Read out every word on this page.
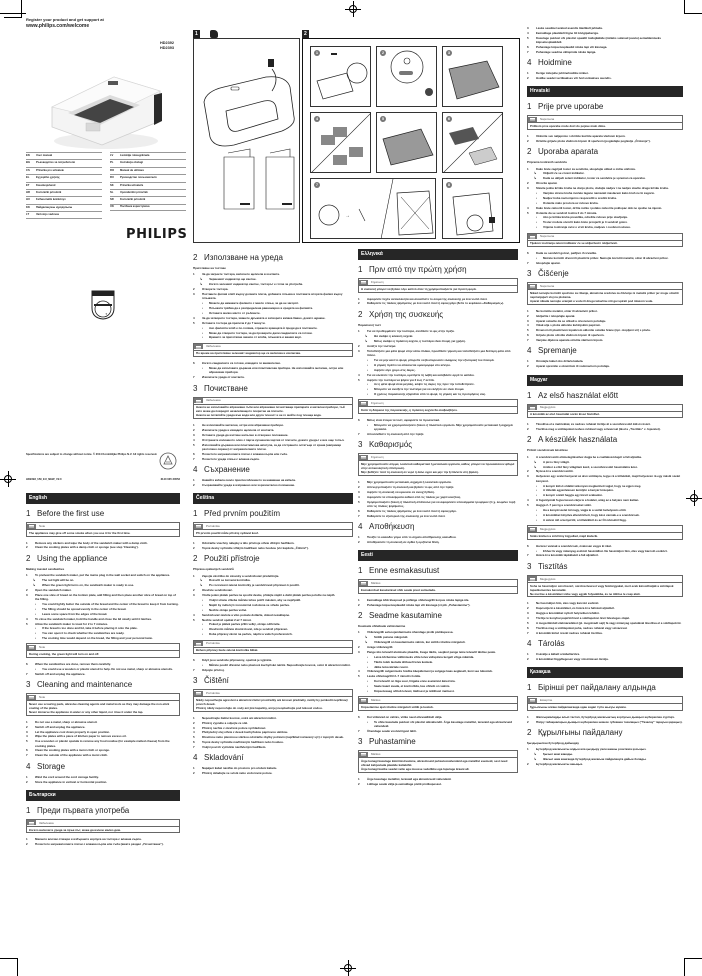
Register your product and get support at
www.philips.com/welcome
HD2392
HD2393
EN	User manual
BG	Ръководство за потребителя
CS	Příručka pro uživatele
EL	Εγχειρίδιο χρήσης
ET	Kasutusjuhend
HR	Korisnički priručnik
HU	Felhasználói kézikönyv
KK	Пайдаланушы нұсқаулығы
LT	Vartotojo vadovas
LV	Lietotāja rokasgrāmata
PL	Instrukcja obsługi
RO	Manual de utilizare
RU	Руководство пользователя
SK	Príručka užívateľa
SL	Uporabniški priročnik
SR	Korisnički priručnik
UK	Посібник користувача
PHILIPS
✦
✦
Specifications are subject to change without notice. © 2014 Koninklijke Philips N.V. All rights reserved.
HD2393_UM_EU_NEW_V2.0	3140 035 33552
English
1 Before the first use
Note
The appliance may give off some smoke when you use it for the first time.
1	Remove any stickers and wipe the body of the sandwich maker with a damp cloth.
2	Clean the cooking plates with a damp cloth or sponge (see step 'Cleaning').
2 Using the appliance
Making toasted sandwiches
1	To preheat the sandwich maker, put the mains plug in the wall socket and switch on the appliance.
↳	The red light will be on.
↳	When the green light turns on, the sandwich maker is ready to use.
2	Open the sandwich maker.
3	Place one slice of bread on the bottom plate, add filling and then place another slice of bread on top of the filling.
•	You could lightly butter the outside of the bread and the center of the bread to keep it from burning.
•	The filling should be spread evenly in the center of the bread.
•	Leave some space from the edges of the bread.
4	To close the sandwich maker, hold the handle and close the lid slowly until it latches.
5	Allow the sandwich maker to toast for 2 to 7 minutes.
•	If the bread is too done and lid, take it before placing it onto the plate.
•	You can open it to check whether the sandwiches are ready.
•	The cooking time would depend on the bread, the filling and your personal taste.
Note
During cooking, the green light will turn on and off.
6	When the sandwiches are done, remove them carefully.
•	You could use a wooden or plastic utensil to help. Do not use metal, sharp or abrasive utensils.
7	Switch off and unplug the appliance.
3 Cleaning and maintenance
Note
Never use scouring pads, abrasive cleaning agents and metal tools as they may damage the non-stick coating of the plates.
Never immerse the appliance in water or any other liquid, nor rinse it under the tap.
1	Do not use a metal, sharp or abrasive utensil.
2	Switch off and unplug the appliance.
3	Let the appliance cool down properly in open position.
4	Wipe the plates with a piece of kitchen paper to remove excess oil.
5	Use a wooden or plastic spatula to remove any food residue (for example melted cheese) from the cooking plates.
6	Clean the cooking plates with a moist cloth or sponge.
7	Clean the outside of the appliance with a moist cloth.
4 Storage
1	Wind the cord around the cord storage facility.
2	Store the appliance in vertical or horizontal position.
Български
1 Преди първата употреба
Забележка
Когато включите уреда за пръв път, може да излезе малко дим.
1	Махнете всички стикери и избършете корпуса на тостера с влажна кърпа.
2	Почистете нагревателните плочи с влажна кърпа или гъба (вижте раздел „Почистване“).
1	2
1	2	3
4	5	6
7
→
8
2 Използване на уреда
Приготвяне на тостове
1	За да загреете тостера, включете щепсела в контакта.
↳	Червеният индикатор ще светне.
↳	Когато зеленият индикатор светне, тостерът е готов за употреба.
2	Отворете тостера.
3	Поставете филия хляб върху долната плоча, добавете плънка и поставете втората филия върху плънката.
•	Можете да намажете филиите с масло отвън, за да не загорят.
•	Плънката трябва да е разпределена равномерно в средата на филията.
•	Оставете малко място от ръбовете.
4	За да затворите тостера, хванете дръжката и затворете капака бавно, докато щракне.
5	Оставете тостера да препича 2 до 7 минути.
•	Ако филията хляб е по-голяма, отрежете краищата ѝ преди да я поставите.
•	Може да отворите тостера, за да проверите дали сандвичите са готови.
•	Времето за приготвяне зависи от хляба, плънката и вашия вкус.
Забележка
По време на приготвяне зеленият индикатор ще се включва и изключва.
6	Когато сандвичите са готови, извадете ги внимателно.
•	Може да използвате дървена или пластмасова прибори. Не използвайте метални, остри или абразивни прибори.
7	Изключете уреда от контакта.
3 Почистване
Забележка
Никога не използвайте абразивни гъби или абразивни почистващи препарати и метални прибори, тъй като може да повредят незалепващото покритие на плочите.
Никога не потапяйте уреда във вода или друга течност и не го мийте под течаща вода.
1	Не използвайте метални, остри или абразивни прибори.
2	Изключете уреда и извадете щепсела от контакта.
3	Оставете уреда да изстине напълно в отворено положение.
4	Отстранете излишното олио с парче кухненска хартия от плочите, докато уредът е все още топъл.
5	Използвайте дървена или пластмасова шпатула, за да отстраните остатъци от храна (например разтопено сирене) от нагревателните плочи.
6	Почистете нагревателните плочи с влажна кърпа или гъба.
7	Почистете уреда отвън с влажна кърпа.
4 Съхранение
1	Навийте кабела около приспособлението за навиване на кабела.
2	Съхранявайте уреда в изправено или хоризонтално положение.
Čeština
1 Před prvním použitím
Poznámka
Při prvním použití může přístroj vydávat kouř.
1	Odstraňte všechny nálepky a tělo přístroje otřete vlhkým hadříkem.
2	Topné desky vyčistěte vlhkým hadříkem nebo houbou (viz kapitola „Čištění“).
2 Použití přístroje
Příprava opékaných sendvičů
1	Zapojte zástrčku do zásuvky a sendvičovač předehřejte.
↳	Rozsvítí se červená kontrolka.
↳	Po rozsvícení zelené kontrolky je sendvičovač připraven k použití.
2	Otevřete sendvičovač.
3	Vložte jeden plátek pečiva na spodní desku, přidejte náplň a další plátek pečiva položte na náplň.
•	Vnější stranu chleba můžete lehce potřít máslem, aby se nepřipálil.
•	Náplň by měla být rovnoměrně rozložena ve středu pečiva.
•	Nechte okraje pečiva volné.
4	Sendvičovač zavřete a víko pomalu dotlačte, dokud nezaklapne.
5	Nechte sendvič opékat 2 až 7 minut.
•	Pokud je plátek pečiva příliš velký, okraje odřízněte.
•	Otevřením můžete zkontrolovat, zda je sendvič připraven.
•	Doba přípravy závisí na pečivu, náplni a vašich preferencích.
Poznámka
Během přípravy bude zelená kontrolka blikat.
6	Když jsou sendviče připraveny, opatrně je vyjměte.
•	Můžete použít dřevěné nebo plastové kuchyňské náčiní. Nepoužívejte kovové, ostré či abrazivní náčiní.
7	Odpojte přístroj.
3 Čištění
Poznámka
Nikdy nepoužívejte agresivní a abrazivní čisticí prostředky ani kovové předměty, mohly by poškodit nepřilnavý povrch desek.
Přístroj nikdy neponořujte do vody ani jiné kapaliny, ani jej neoplachujte pod tekoucí vodou.
1	Nepoužívejte žádné kovové, ostré ani abrazivní náčiní.
2	Přístroj vypněte a odpojte ze sítě.
3	Přístroj nechte v otevřené poloze vychladnout.
4	Přebytečný olej otřete z desek kuchyňskou papírovou utěrkou.
5	Dřevěnou nebo plastovou stěrkou odstraňte zbytky potravin (například roztavený sýr) z topných desek.
6	Topné desky vyčistěte navlhčeným hadříkem nebo houbou.
7	Vnější povrch vyčistěte navlhčeným hadříkem.
4 Skladování
1	Napájecí kabel naviňte do prostoru pro uložení kabelu.
2	Přístroj skladujte ve svislé nebo vodorovné poloze.
Ελληνικά
1 Πριν από την πρώτη χρήση
Σημείωση
Η συσκευή μπορεί να βγάλει λίγο καπνό όταν τη χρησιμοποιήσετε για πρώτη φορά.
1	Αφαιρέστε τυχόν αυτοκόλλητα και σκουπίστε το σώμα της συσκευής με ένα νωπό πανί.
2	Καθαρίστε τις πλάκες ψησίματος με ένα νωπό πανί ή σφουγγάρι (δείτε το κεφάλαιο «Καθαρισμός»).
2 Χρήση της συσκευής
Παρασκευή τοστ
1	Για να προθερμάνετε την τοστιέρα, συνδέστε το φις στην πρίζα.
↳	Θα ανάψει η κόκκινη λυχνία.
↳	Μόλις ανάψει η πράσινη λυχνία, η τοστιέρα είναι έτοιμη για χρήση.
2	Ανοίξτε την τοστιέρα.
3	Τοποθετήστε μια φέτα ψωμί στην κάτω πλάκα, προσθέστε γέμιση και τοποθετήστε μια δεύτερη φέτα από πάνω.
•	Για να μην καεί το ψωμί, μπορείτε να βουτυρώσετε ελαφρώς την εξωτερική του πλευρά.
•	Η γέμιση πρέπει να απλώνεται ομοιόμορφα στο κέντρο.
•	Αφήστε λίγο χώρο στις άκρες.
4	Για να κλείσετε την τοστιέρα, κρατήστε τη λαβή και κατεβάστε αργά το καπάκι.
5	Αφήστε την τοστιέρα να ψήσει για 2 έως 7 λεπτά.
•	Αν η φέτα ψωμί είναι μεγάλη, κόψτε τις άκρες της πριν την τοποθετήσετε.
•	Μπορείτε να ανοίξετε την τοστιέρα για να ελέγξετε αν είναι έτοιμα.
•	Ο χρόνος παρασκευής εξαρτάται από το ψωμί, τη γέμιση και τις προτιμήσεις σας.
Σημείωση
Κατά τη διάρκεια της παρασκευής, η πράσινη λυχνία θα αναβοσβήνει.
6	Μόλις είναι έτοιμα τα τοστ, αφαιρέστε τα προσεκτικά.
•	Μπορείτε να χρησιμοποιήσετε ξύλινο ή πλαστικό εργαλείο. Μην χρησιμοποιείτε μεταλλικά ή αιχμηρά εργαλεία.
7	Αποσυνδέστε τη συσκευή από την πρίζα.
3 Καθαρισμός
Σημείωση
Μην χρησιμοποιείτε σύρμα, λειαντικά καθαριστικά ή μεταλλικά εργαλεία, καθώς μπορεί να προκαλέσουν φθορά στην αντικολλητική επίστρωση.
Μην βυθίζετε ποτέ τη συσκευή σε νερό ή άλλο υγρό και μην την ξεπλένετε στη βρύση.
1	Μην χρησιμοποιείτε μεταλλικά, αιχμηρά ή λειαντικά εργαλεία.
2	Απενεργοποιήστε τη συσκευή και βγάλτε το φις από την πρίζα.
3	Αφήστε τη συσκευή να κρυώσει σε ανοιχτή θέση.
4	Αφαιρέστε τα υπολείμματα λαδιού από τις πλάκες με χαρτί κουζίνας.
5	Χρησιμοποιήστε ξύλινη ή πλαστική σπάτουλα για να αφαιρέσετε υπολείμματα τροφίμων (π.χ. λιωμένο τυρί) από τις πλάκες ψησίματος.
6	Καθαρίστε τις πλάκες ψησίματος με ένα νωπό πανί ή σφουγγάρι.
7	Καθαρίστε το εξωτερικό της συσκευής με ένα νωπό πανί.
4 Αποθήκευση
1	Τυλίξτε το καλώδιο γύρω από το σημείο αποθήκευσης καλωδίου.
2	Αποθηκεύστε τη συσκευή σε όρθια ή οριζόντια θέση.
Eesti
1 Enne esmakasutust
Märkus
Esmakordsel kasutamisel võib seade pisut suitsetada.
1	Eemaldage kõik kleepsud ja pühkige võileivagrilli korpus niiske lapiga üle.
2	Puhastage küpsetusplaadid niiske lapi või käsnaga (vt ptk „Puhastamine“).
2 Seadme kasutamine
Kuumade võileibade valmistamine
1	Võileivagrilli eelsoojendamiseks ühendage pistik pistikupessa.
↳	Süttib punane märgutuli.
↳	Võileivagrill on kasutamiseks valmis, kui süttib roheline märgutuli.
2	Avage võileivagrill.
3	Pange üks leivaviil alumisele plaadile, lisage täidis, seejärel pange teine leivaviil täidise peale.
•	Leiva kõrbemise vältimiseks võite leiva välispinna kergelt võiga määrida.
•	Täidis tuleb laotada ühtlaselt leiva keskele.
•	Jätke leiva äärtele ruumi.
4	Võileivagrilli sulgemiseks hoidke käepidemest ja sulgege kaas aeglaselt, kuni see lukustub.
5	Laske võileivagrillil 2–7 minutit röstida.
•	Kui leivaviil on liiga suur, lõigake enne asetamist ääred ära.
•	Saate kaant avada, et kontrollida, kas võileib on valmis.
•	Küpsetusaeg sõltub leivast, täidisest ja isiklikust maitsest.
Märkus
Küpsetamise ajal roheline märgutuli süttib ja kustub.
6	Kui võileivad on valmis, võtke need ettevaatlikult välja.
•	Te võite kasutada puidust või plastist abivahendit. Ärge kasutage metallist, teravaid ega abrasiivseid vahendeid.
7	Ühendage seade vooluvõrgust lahti.
3 Puhastamine
Märkus
Ärge kunagi kasutage küürimisšvamme, abrasiivseid puhastusvahendeid ega metallist esemeid, sest need võivad kahjustada plaatide kattekihti.
Ärge kunagi kastke seadet vette ega muusse vedelikku ega loputage kraani all.
1	Ärge kasutage metallist, teravaid ega abrasiivseid vahendeid.
2	Lülitage seade välja ja eemaldage pistik pistikupesast.
3	Laske seadmel avatud asendis täielikult jahtuda.
4	Eemaldage plaatidelt liigne õli köögipaberiga.
5	Kasutage puidust või plastist spaatlit toidujääkide (näiteks sulanud juustu) eemaldamiseks küpsetusplaatidelt.
6	Puhastage küpsetusplaadid niiske lapi või käsnaga.
7	Puhastage seadme välispinda niiske lapiga.
4 Hoidmine
1	Kerige toitejuhe juhtmehoidiku ümber.
2	Hoidke seadet vertikaalses või horisontaalses asendis.
Hrvatski
1 Prije prve uporabe
Napomena
Prilikom prve uporabe može doći do pojave malo dima.
1	Uklonite sve naljepnice i obrišite kućište aparata vlažnom krpom.
2	Očistite grijaće ploče vlažnom krpom ili spužvom (pogledajte poglavlje „Čišćenje“).
2 Uporaba aparata
Priprema tostiranih sendviča
1	Kako biste zagrijali toster za sendviče, ukopčajte utikač u zidnu utičnicu.
↳	Uključit će se crveni indikator.
↳	Kada se uključi zeleni indikator, toster za sendviče je spreman za uporabu.
2	Otvorite aparat.
3	Stavite jednu krišku kruha na donju ploču, dodajte nadjev i na nadjev stavite drugu krišku kruha.
•	Vanjsku stranu kruha možete lagano namazati maslacem kako kruh ne bi zagorio.
•	Nadjev treba ravnomjerno rasporediti u sredini kruha.
•	Ostavite malo prostora uz rubove kruha.
4	Kako biste zatvorili toster, držite ručku i polako zatvorite poklopac dok ne sjedne na mjesto.
5	Ostavite da se sendvič tostira 2 do 7 minuta.
•	Ako je kriška kruha prevelika, odrežite rubove prije stavljanja.
•	Toster možete otvoriti kako biste provjerili je li sendvič gotov.
•	Vrijeme tostiranja ovisi o vrsti kruha, nadjevu i osobnom ukusu.
Napomena
Tijekom tostiranja zeleni indikator će se uključivati i isključivati.
6	Kada su sendviči gotovi, pažljivo ih izvadite.
•	Možete koristiti drveni ili plastični pribor. Nemojte koristiti metalni, oštar ili abrazivni pribor.
7	Iskopčajte aparat.
3 Čišćenje
Napomena
Nikad nemojte koristiti spužvice za ribanje, abrazivna sredstva za čišćenje ni metalni pribor jer mogu oštetiti neprianjajući sloj na pločama.
Aparat nikada nemojte uranjati u vodu ili drugu tekućinu niti ga ispirati pod mlazom vode.
1	Ne koristite metalni, oštar ili abrazivni pribor.
2	Isključite i iskopčajte aparat.
3	Aparat ostavite da se ohladi u otvorenom položaju.
4	Višak ulja s ploča uklonite kuhinjskim papirom.
5	Drvenom ili plastičnom lopaticom uklonite ostatke hrane (npr. otopljeni sir) s ploča.
6	Grijaće ploče očistite vlažnom krpom ili spužvom.
7	Vanjske dijelove aparata očistite vlažnom krpom.
4 Spremanje
1	Omotajte kabel oko držača kabela.
2	Aparat spremite u okomitom ili vodoravnom položaju.
Magyar
1 Az első használat előtt
Megjegyzés
A készülék az első használat során kissé füstölhet.
1	Távolítsa el a matricákat, és nedves ruhával törölje át a szendvicssütő külső részét.
2	Tisztítsa meg a sütőlapokat nedves ruhával vagy szivaccsal (lásd a „Tisztítás” c. fejezetet).
2 A készülék használata
Pirított szendvicsek készítése
1	A szendvicssütő előmelegítéséhez dugja be a csatlakozódugót a fali aljzatba.
↳	A piros fény világít.
↳	Amikor a zöld fény világítani kezd, a szendvicssütő használatra kész.
2	Nyissa ki a szendvicssütőt.
3	Helyezzen egy szelet kenyeret az alsó sütőlapra, tegye rá a töltelékét, majd helyezzen rá egy másik szelet kenyeret.
•	A kenyér külső oldalát vékonyan megkenheti vajjal, hogy ne égjen meg.
•	A töltelék egyenletesen kerüljön a kenyér közepére.
•	A kenyér szélét hagyja egy kicsit szabadon.
4	A fogantyúnál fogva lassan zárja le a fedelet, amíg az a helyére nem kattan.
5	Hagyja 2–7 percig a szendvicseket sülni.
•	Ha a kenyérszelet túl nagy, vágja le a szélét behelyezés előtt.
•	A készüléket kinyitva ellenőrizheti, hogy kész vannak-e a szendvicsek.
•	A sütési idő a kenyértől, a töltelékből és az Ön ízlésétől függ.
Megjegyzés
Sütés közben a zöld fény kigyullad, majd kialszik.
6	Ha kész vannak a szendvicsek, óvatosan vegye ki őket.
•	Ehhez fa vagy műanyag eszközt használhat. Ne használjon fém, éles vagy karcoló eszközt.
7	Húzza ki a készülék tápkábelét a fali aljzatból.
3 Tisztítás
Megjegyzés
Soha ne használjon súrolószert, súrolószivacsot vagy fémtárgyakat, mert ezek károsíthatják a sütőlapok tapadásmentes bevonatát.
Ne merítse a készüléket vízbe vagy egyéb folyadékba, és ne öblítse le csap alatt.
1	Ne használjon fém, éles vagy karcoló eszközt.
2	Kapcsolja ki a készüléket, és húzza ki a hálózati aljzatból.
3	Hagyja a készüléket nyitott helyzetben lehűlni.
4	Törölje le konyhai papírtörlővel a sütőlapokon lévő felesleges olajat.
5	A megszilárdult ételmaradékot (pl. megolvadt sajt) fa vagy műanyag spatulával távolítsa el a sütőlapokról.
6	Tisztítsa meg a sütőlapokat puha, nedves ruhával vagy szivaccsal.
7	A készülék külső részét nedves ruhával tisztítsa.
4 Tárolás
1	Csévélje a kábelt a kábeltartóra.
2	A készüléket függőlegesen vagy vízszintesen tárolja.
Қазақша
1 Бірінші рет пайдалану алдында
Ескертпе
Құрылғыны алғаш пайдаланғанда одан аздап түтін шығуы мүмкін.
1	Жапсырмаларды алып тастап, бутерброд жасағыштың корпусын дымқыл шүберекпен сүртіңіз.
2	Пісіру табақшаларын дымқыл шүберекпен немесе губкамен тазалаңыз ("Тазалау" тарауын қараңыз).
2 Құрылғыны пайдалану
Қыздырылған бутерброд дайындау
1	Бутерброд жасағышты алдын ала қыздыру үшін ашаны розеткаға қосыңыз.
↳	Қызыл шам жанады.
↳	Жасыл шам жанғанда бутерброд жасағыш пайдалануға дайын болады.
2	Бутерброд жасағышты ашыңыз.
